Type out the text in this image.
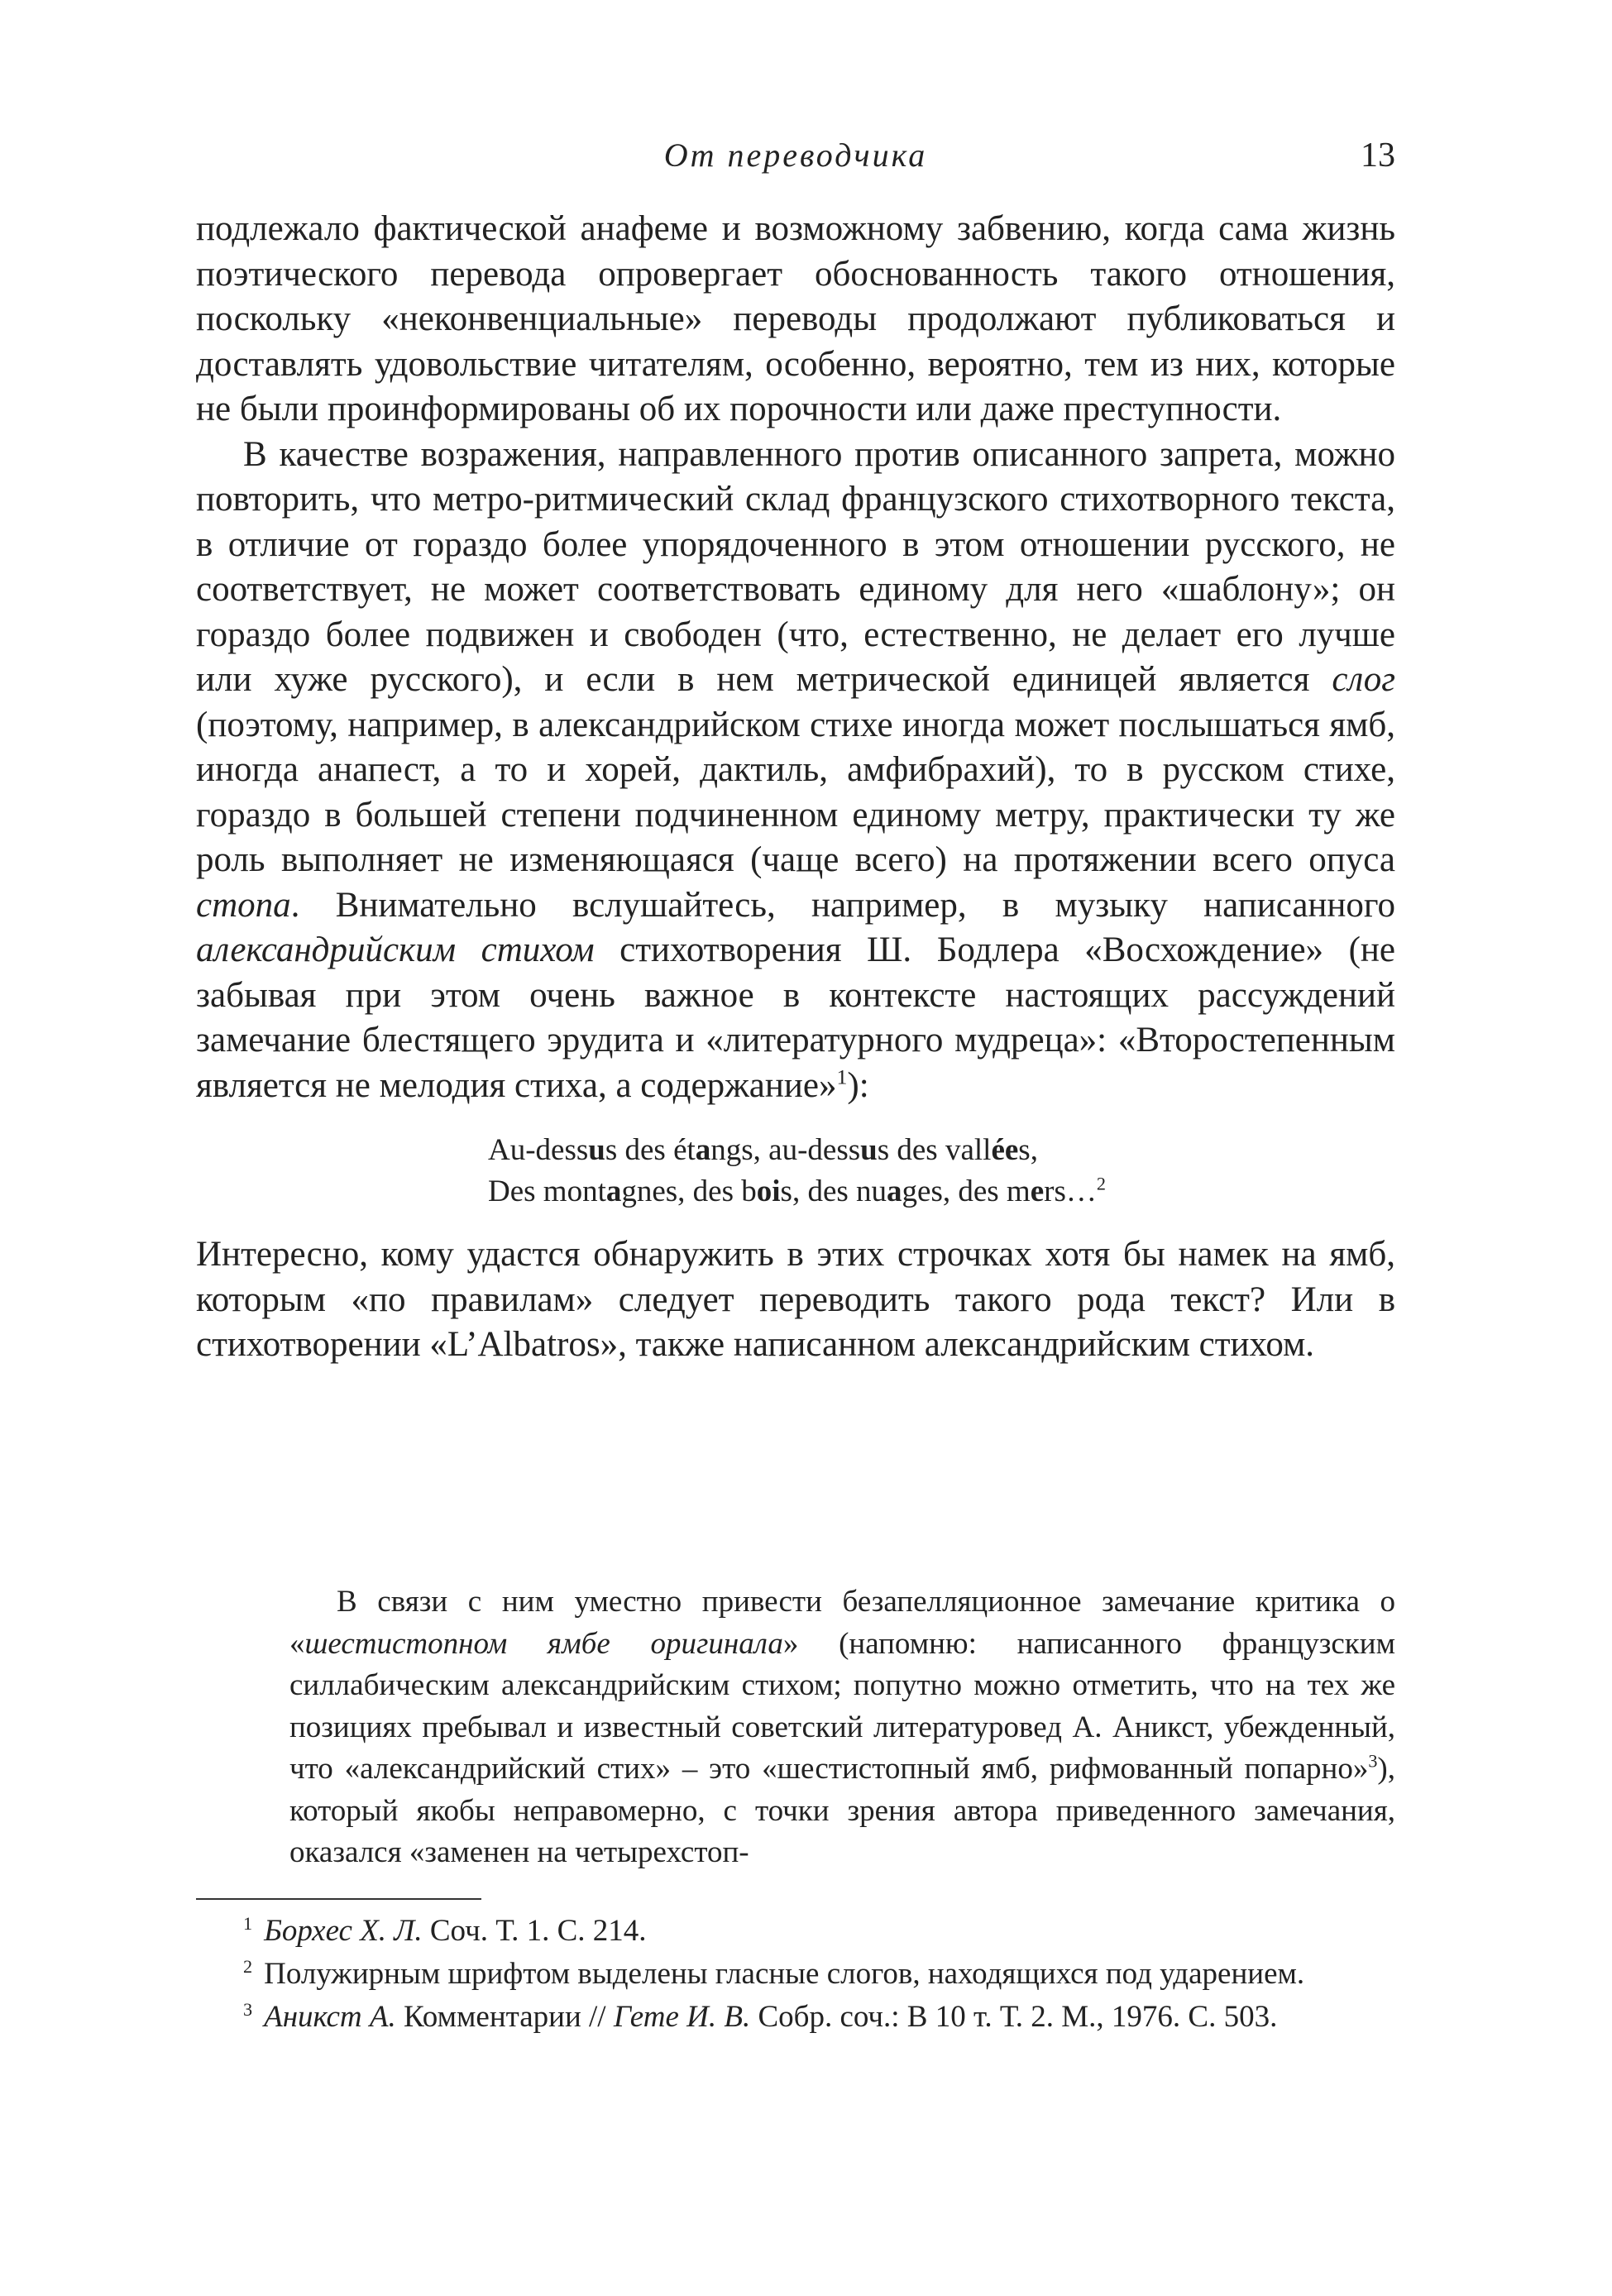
От переводчика	13

подлежало фактической анафеме и возможному забвению, когда сама жизнь поэтического перевода опровергает обоснованность такого отношения, поскольку «неконвенциальные» переводы продолжают публиковаться и доставлять удовольствие читателям, особенно, вероятно, тем из них, которые не были проинформированы об их порочности или даже преступности.

В качестве возражения, направленного против описанного запрета, можно повторить, что метро-ритмический склад французского стихотворного текста, в отличие от гораздо более упорядоченного в этом отношении русского, не соответствует, не может соответствовать единому для него «шаблону»; он гораздо более подвижен и свободен (что, естественно, не делает его лучше или хуже русского), и если в нем метрической единицей является слог (поэтому, например, в александрийском стихе иногда может послышаться ямб, иногда анапест, а то и хорей, дактиль, амфибрахий), то в русском стихе, гораздо в большей степени подчиненном единому метру, практически ту же роль выполняет не изменяющаяся (чаще всего) на протяжении всего опуса стопа. Внимательно вслушайтесь, например, в музыку написанного александрийским стихом стихотворения Ш. Бодлера «Восхождение» (не забывая при этом очень важное в контексте настоящих рассуждений замечание блестящего эрудита и «литературного мудреца»: «Второстепенным является не мелодия стиха, а содержание»$^1$):

Au-dessus des étangs, au-dessus des vallées,
Des montagnes, des bois, des nuages, des mers…$^2$

Интересно, кому удастся обнаружить в этих строчках хотя бы намек на ямб, которым «по правилам» следует переводить такого рода текст? Или в стихотворении «L’Albatros», также написанном александрийским стихом.

В связи с ним уместно привести безапелляционное замечание критика о «шестистопном ямбе оригинала» (напомню: написанного французским силлабическим александрийским стихом; попутно можно отметить, что на тех же позициях пребывал и известный советский литературовед А. Аникст, убежденный, что «александрийский стих» – это «шестистопный ямб, рифмованный попарно»$^3$), который якобы неправомерно, с точки зрения автора приведенного замечания, оказался «заменен на четырехстоп-

$^1$ Борхес Х. Л. Соч. Т. 1. С. 214.

$^2$ Полужирным шрифтом выделены гласные слогов, находящихся под ударением.

$^3$ Аникст А. Комментарии // Гете И. В. Собр. соч.: В 10 т. Т. 2. М., 1976. С. 503.
